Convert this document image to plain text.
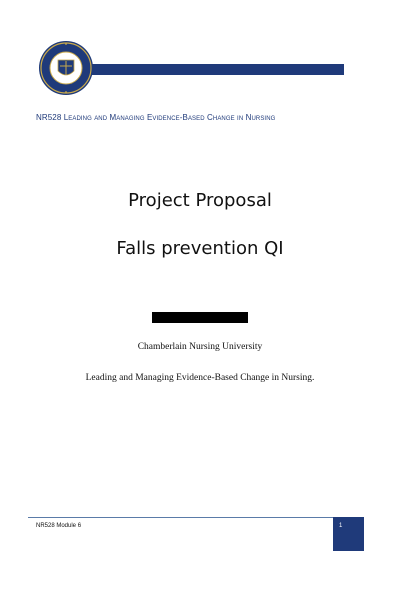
NR528 Leading and Managing Evidence-Based Change in Nursing
Project Proposal
Falls prevention QI
Chamberlain Nursing University
Leading and Managing Evidence-Based Change in Nursing.
NR528 Module 6	1
